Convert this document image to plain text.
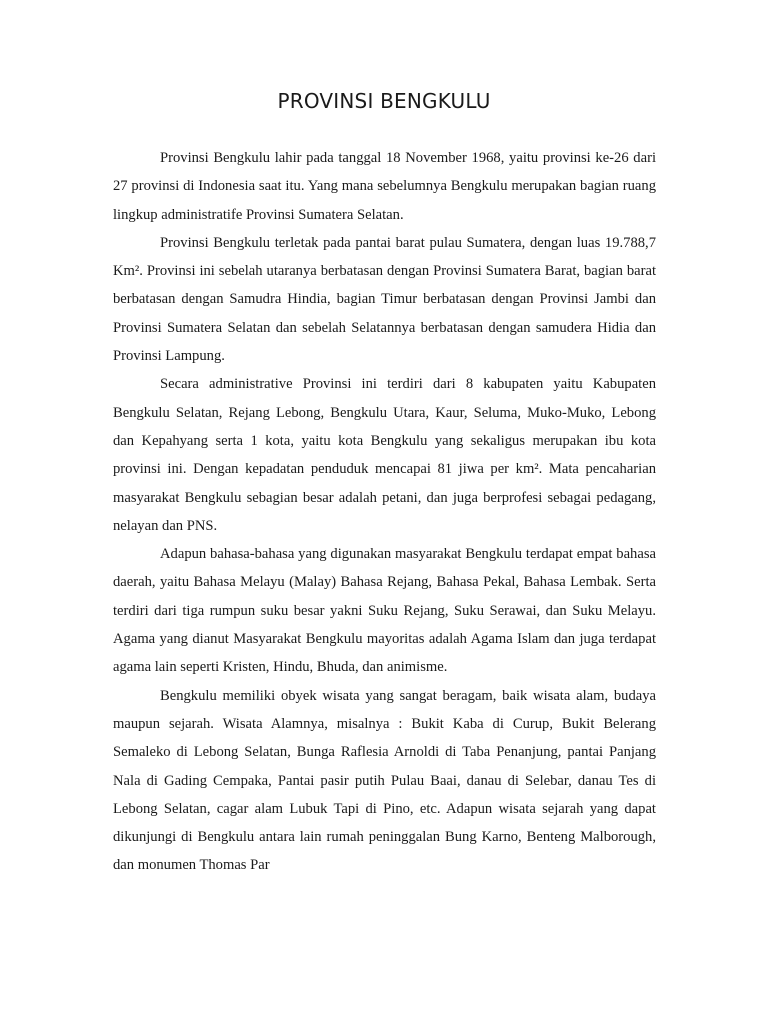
PROVINSI BENGKULU

Provinsi Bengkulu lahir pada tanggal 18 November 1968, yaitu provinsi ke-26 dari 27 provinsi di Indonesia saat itu. Yang mana sebelumnya Bengkulu merupakan bagian ruang lingkup administratife Provinsi Sumatera Selatan.

Provinsi Bengkulu terletak pada pantai barat pulau Sumatera, dengan luas 19.788,7 Km². Provinsi ini sebelah utaranya berbatasan dengan Provinsi Sumatera Barat, bagian barat berbatasan dengan Samudra Hindia, bagian Timur berbatasan dengan Provinsi Jambi dan Provinsi Sumatera Selatan dan sebelah Selatannya berbatasan dengan samudera Hidia dan Provinsi Lampung.

Secara administrative Provinsi ini terdiri dari 8 kabupaten yaitu Kabupaten Bengkulu Selatan, Rejang Lebong, Bengkulu Utara, Kaur, Seluma, Muko-Muko, Lebong dan Kepahyang serta 1 kota, yaitu kota Bengkulu yang sekaligus merupakan ibu kota provinsi ini. Dengan kepadatan penduduk mencapai 81 jiwa per km². Mata pencaharian masyarakat Bengkulu sebagian besar adalah petani, dan juga berprofesi sebagai pedagang, nelayan dan PNS.

Adapun bahasa-bahasa yang digunakan masyarakat Bengkulu terdapat empat bahasa daerah, yaitu Bahasa Melayu (Malay) Bahasa Rejang, Bahasa Pekal, Bahasa Lembak. Serta terdiri dari tiga rumpun suku besar yakni Suku Rejang, Suku Serawai, dan Suku Melayu. Agama yang dianut Masyarakat Bengkulu mayoritas adalah Agama Islam dan juga terdapat agama lain seperti Kristen, Hindu, Bhuda, dan animisme.

Bengkulu memiliki obyek wisata yang sangat beragam, baik wisata alam, budaya maupun sejarah. Wisata Alamnya, misalnya : Bukit Kaba di Curup, Bukit Belerang Semaleko di Lebong Selatan, Bunga Raflesia Arnoldi di Taba Penanjung, pantai Panjang Nala di Gading Cempaka, Pantai pasir putih Pulau Baai, danau di Selebar, danau Tes di Lebong Selatan, cagar alam Lubuk Tapi di Pino, etc. Adapun wisata sejarah yang dapat dikunjungi di Bengkulu antara lain rumah peninggalan Bung Karno, Benteng Malborough, dan monumen Thomas Par
